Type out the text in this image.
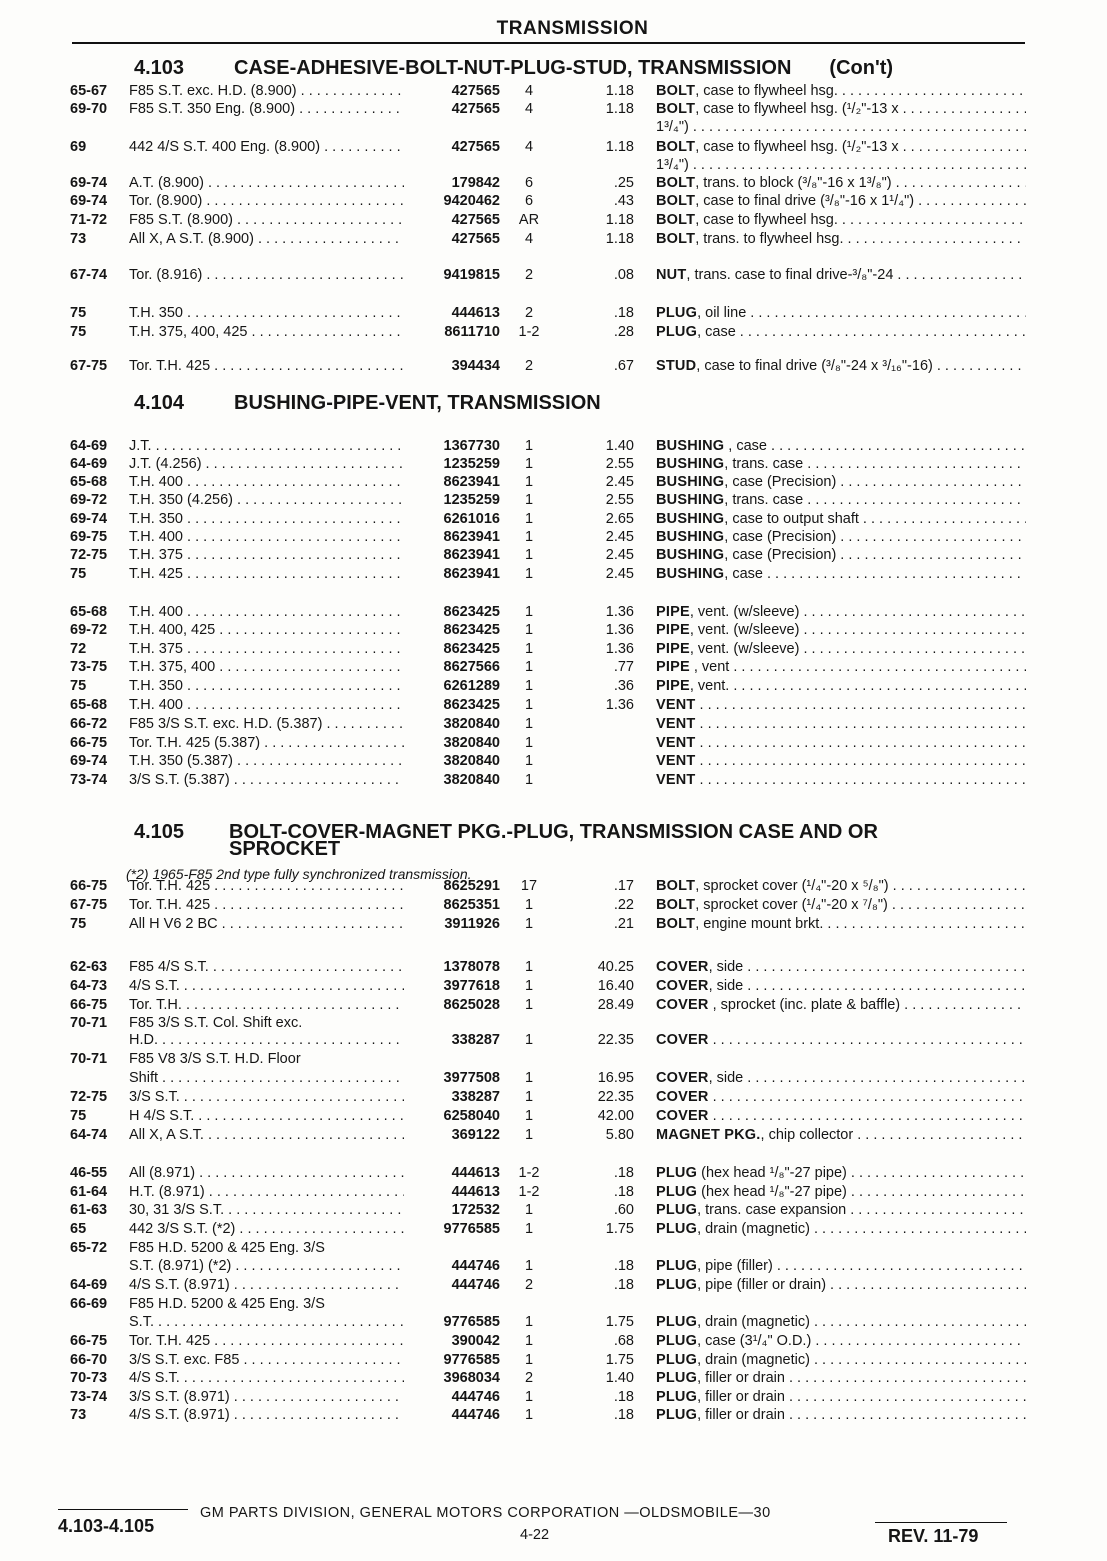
TRANSMISSION
4.103 CASE-ADHESIVE-BOLT-NUT-PLUG-STUD, TRANSMISSION (Con't)
65-67	F85 S.T. exc. H.D. (8.900) . . .	427565	4	1.18 BOLT, case to flywheel hsg. . . .
69-70	F85 S.T. 350 Eng. (8.900) . . .	427565	4	1.18 BOLT, case to flywheel hsg. (¹/₂"-13 x . . .
1³/₄") . . .
69	442 4/S S.T. 400 Eng. (8.900) . . .	427565	4	1.18 BOLT, case to flywheel hsg. (¹/₂"-13 x . . .
1³/₄") . . .
69-74	A.T. (8.900) . . .	179842	6	.25 BOLT, trans. to block (³/₈"-16 x 1³/₈") . . .
69-74	Tor. (8.900) . . .	9420462	6	.43 BOLT, case to final drive (³/₈"-16 x 1¹/₄") . . .
71-72	F85 S.T. (8.900) . . .	427565	AR	1.18 BOLT, case to flywheel hsg. . . .
73	All X, A S.T. (8.900) . . .	427565	4	1.18 BOLT, trans. to flywheel hsg. . . .
67-74	Tor. (8.916) . . .	9419815	2	.08 NUT, trans. case to final drive-³/₈"-24 . . .
75	T.H. 350 . . .	444613	2	.18 PLUG, oil line . . .
75	T.H. 375, 400, 425 . . .	8611710	1-2	.28 PLUG, case . . .
67-75	Tor. T.H. 425 . . .	394434	2	.67 STUD, case to final drive (³/₈"-24 x ³/₁₆"-16) . . .
4.104 BUSHING-PIPE-VENT, TRANSMISSION
64-69	J.T. . . .	1367730	1	1.40 BUSHING , case . . .
64-69	J.T. (4.256) . . .	1235259	1	2.55 BUSHING, trans. case . . .
65-68	T.H. 400 . . .	8623941	1	2.45 BUSHING, case (Precision) . . .
69-72	T.H. 350 (4.256) . . .	1235259	1	2.55 BUSHING, trans. case . . .
69-74	T.H. 350 . . .	6261016	1	2.65 BUSHING, case to output shaft . . .
69-75	T.H. 400 . . .	8623941	1	2.45 BUSHING, case (Precision) . . .
72-75	T.H. 375 . . .	8623941	1	2.45 BUSHING, case (Precision) . . .
75	T.H. 425 . . .	8623941	1	2.45 BUSHING, case . . .
65-68	T.H. 400 . . .	8623425	1	1.36 PIPE, vent. (w/sleeve) . . .
69-72	T.H. 400, 425 . . .	8623425	1	1.36 PIPE, vent. (w/sleeve) . . .
72	T.H. 375 . . .	8623425	1	1.36 PIPE, vent. (w/sleeve) . . .
73-75	T.H. 375, 400 . . .	8627566	1	.77 PIPE , vent . . .
75	T.H. 350 . . .	6261289	1	.36 PIPE, vent. . . .
65-68	T.H. 400 . . .	8623425	1	1.36 VENT . . .
66-72	F85 3/S S.T. exc. H.D. (5.387) . . .	3820840	1	VENT . . .
66-75	Tor. T.H. 425 (5.387) . . .	3820840	1	VENT . . .
69-74	T.H. 350 (5.387) . . .	3820840	1	VENT . . .
73-74	3/S S.T. (5.387) . . .	3820840	1	VENT . . .
4.105	BOLT-COVER-MAGNET PKG.-PLUG, TRANSMISSION CASE AND OR SPROCKET
(*2) 1965-F85 2nd type fully synchronized transmission.
66-75	Tor. T.H. 425 . . .	8625291	17	.17 BOLT, sprocket cover (¹/₄"-20 x ⁵/₈") . . .
67-75	Tor. T.H. 425 . . .	8625351	1	.22 BOLT, sprocket cover (¹/₄"-20 x ⁷/₈") . . .
75	All H V6 2 BC . . .	3911926	1	.21 BOLT, engine mount brkt. . . .
62-63	F85 4/S S.T. . . .	1378078	1	40.25 COVER, side . . .
64-73	4/S S.T. . . .	3977618	1	16.40 COVER, side . . .
66-75	Tor. T.H. . . .	8625028	1	28.49 COVER , sprocket (inc. plate & baffle) . . .
70-71	F85 3/S S.T. Col. Shift exc.
H.D. . . .	338287	1	22.35 COVER . . .
70-71	F85 V8 3/S S.T. H.D. Floor
Shift . . .	3977508	1	16.95 COVER, side . . .
72-75	3/S S.T. . . .	338287	1	22.35 COVER . . .
75	H 4/S S.T. . . .	6258040	1	42.00 COVER . . .
64-74	All X, A S.T. . . .	369122	1	5.80 MAGNET PKG., chip collector . . .
46-55	All (8.971) . . .	444613	1-2	.18 PLUG (hex head ¹/₈"-27 pipe) . . .
61-64	H.T. (8.971) . . .	444613	1-2	.18 PLUG (hex head ¹/₈"-27 pipe) . . .
61-63	30, 31 3/S S.T. . . .	172532	1	.60 PLUG, trans. case expansion . . .
65	442 3/S S.T. (*2) . . .	9776585	1	1.75 PLUG, drain (magnetic) . . .
65-72	F85 H.D. 5200 & 425 Eng. 3/S
S.T. (8.971) (*2) . . .	444746	1	.18 PLUG, pipe (filler) . . .
64-69	4/S S.T. (8.971) . . .	444746	2	.18 PLUG, pipe (filler or drain) . . .
66-69	F85 H.D. 5200 & 425 Eng. 3/S
S.T. . . .	9776585	1	1.75 PLUG, drain (magnetic) . . .
66-75	Tor. T.H. 425 . . .	390042	1	.68 PLUG, case (3¹/₄" O.D.) . . .
66-70	3/S S.T. exc. F85 . . .	9776585	1	1.75 PLUG, drain (magnetic) . . .
70-73	4/S S.T. . . .	3968034	2	1.40 PLUG, filler or drain . . .
73-74	3/S S.T. (8.971) . . .	444746	1	.18 PLUG, filler or drain . . .
73	4/S S.T. (8.971) . . .	444746	1	.18 PLUG, filler or drain . . .
4.103-4.105
GM PARTS DIVISION, GENERAL MOTORS CORPORATION —OLDSMOBILE—30
4-22	REV. 11-79
